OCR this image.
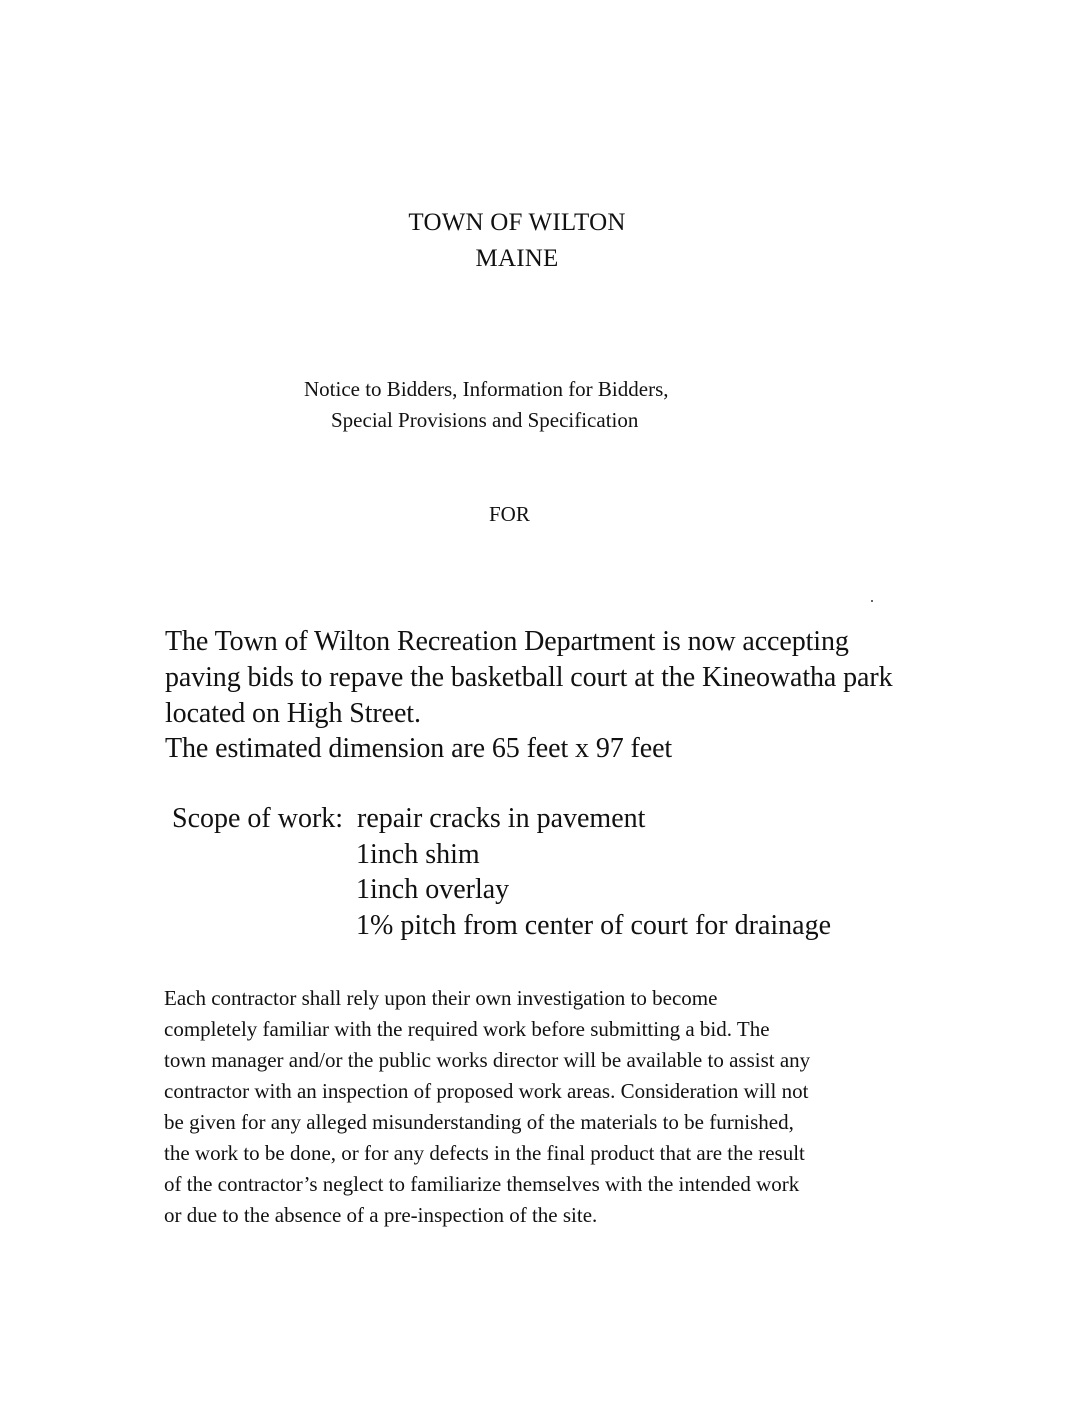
TOWN OF WILTON
MAINE
Notice to Bidders, Information for Bidders,
Special Provisions and Specification
FOR
The Town of Wilton Recreation Department is now accepting
paving bids to repave the basketball court at the Kineowatha park
located on High Street.
The estimated dimension are 65 feet x 97 feet
Scope of work: repair cracks in pavement
1inch shim
1inch overlay
1% pitch from center of court for drainage
Each contractor shall rely upon their own investigation to become
completely familiar with the required work before submitting a bid. The
town manager and/or the public works director will be available to assist any
contractor with an inspection of proposed work areas. Consideration will not
be given for any alleged misunderstanding of the materials to be furnished,
the work to be done, or for any defects in the final product that are the result
of the contractor’s neglect to familiarize themselves with the intended work
or due to the absence of a pre-inspection of the site.
